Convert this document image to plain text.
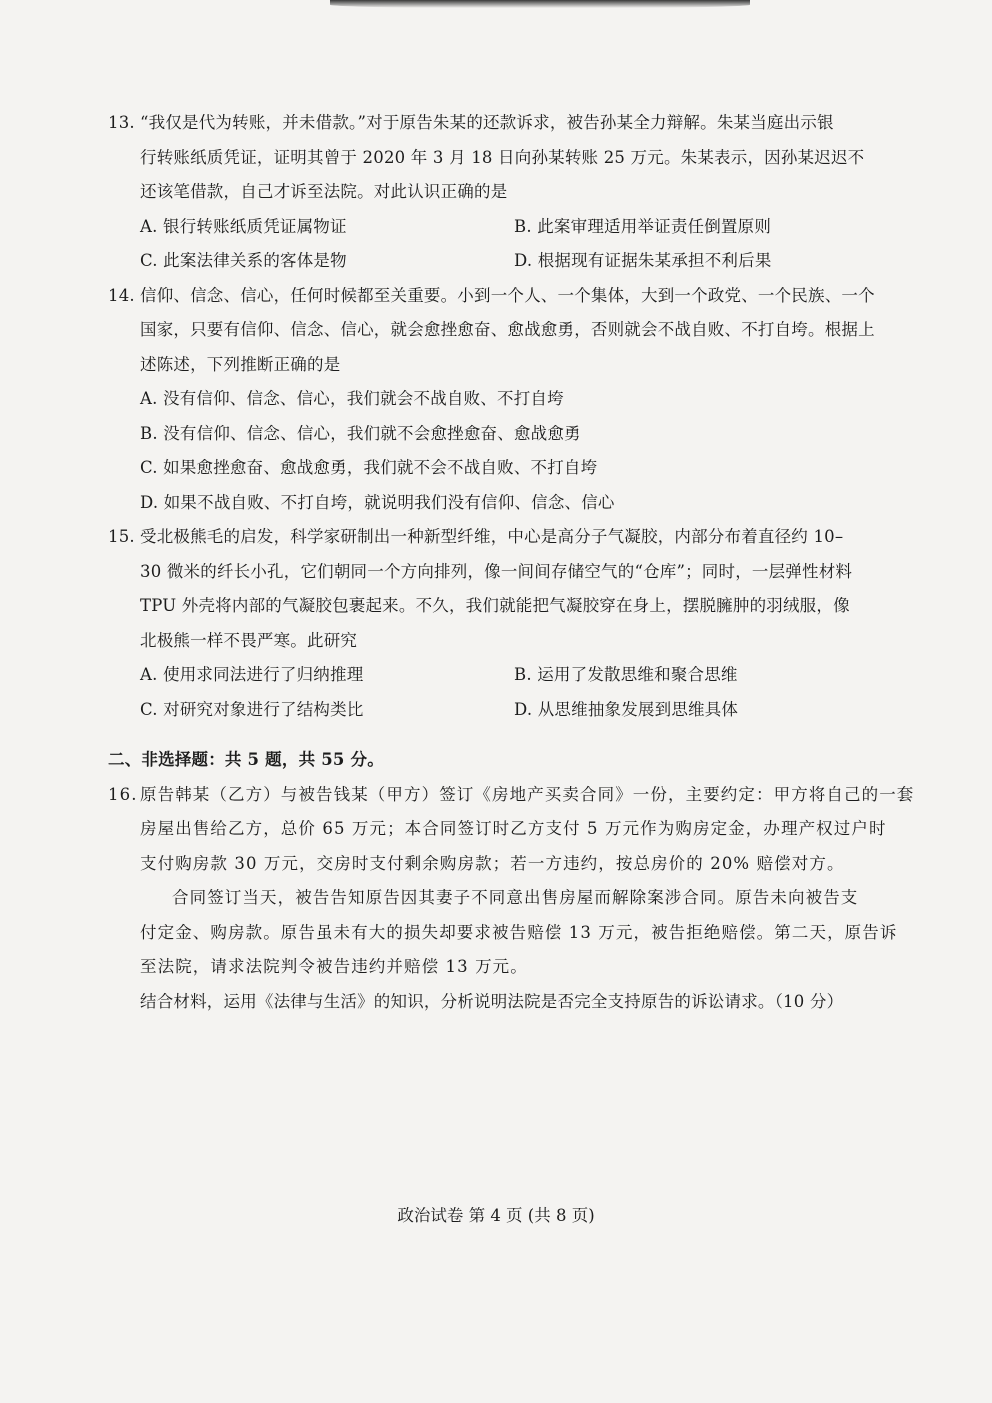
13. “我仅是代为转账，并未借款。”对于原告朱某的还款诉求，被告孙某全力辩解。朱某当庭出示银
行转账纸质凭证，证明其曾于 2020 年 3 月 18 日向孙某转账 25 万元。朱某表示，因孙某迟迟不
还该笔借款，自己才诉至法院。对此认识正确的是
A. 银行转账纸质凭证属物证	B. 此案审理适用举证责任倒置原则
C. 此案法律关系的客体是物	D. 根据现有证据朱某承担不利后果
14. 信仰、信念、信心，任何时候都至关重要。小到一个人、一个集体，大到一个政党、一个民族、一个
国家，只要有信仰、信念、信心，就会愈挫愈奋、愈战愈勇，否则就会不战自败、不打自垮。根据上
述陈述，下列推断正确的是
A. 没有信仰、信念、信心，我们就会不战自败、不打自垮
B. 没有信仰、信念、信心，我们就不会愈挫愈奋、愈战愈勇
C. 如果愈挫愈奋、愈战愈勇，我们就不会不战自败、不打自垮
D. 如果不战自败、不打自垮，就说明我们没有信仰、信念、信心
15. 受北极熊毛的启发，科学家研制出一种新型纤维，中心是高分子气凝胶，内部分布着直径约 10–
30 微米的纤长小孔，它们朝同一个方向排列，像一间间存储空气的“仓库”；同时，一层弹性材料
TPU 外壳将内部的气凝胶包裹起来。不久，我们就能把气凝胶穿在身上，摆脱臃肿的羽绒服，像
北极熊一样不畏严寒。此研究
A. 使用求同法进行了归纳推理	B. 运用了发散思维和聚合思维
C. 对研究对象进行了结构类比	D. 从思维抽象发展到思维具体
二、非选择题：共 5 题，共 55 分。
16. 原告韩某（乙方）与被告钱某（甲方）签订《房地产买卖合同》一份，主要约定：甲方将自己的一套
房屋出售给乙方，总价 65 万元；本合同签订时乙方支付 5 万元作为购房定金，办理产权过户时
支付购房款 30 万元，交房时支付剩余购房款；若一方违约，按总房价的 20% 赔偿对方。
合同签订当天，被告告知原告因其妻子不同意出售房屋而解除案涉合同。原告未向被告支
付定金、购房款。原告虽未有大的损失却要求被告赔偿 13 万元，被告拒绝赔偿。第二天，原告诉
至法院，请求法院判令被告违约并赔偿 13 万元。
结合材料，运用《法律与生活》的知识，分析说明法院是否完全支持原告的诉讼请求。（10 分）
政治试卷 第 4 页 (共 8 页)
